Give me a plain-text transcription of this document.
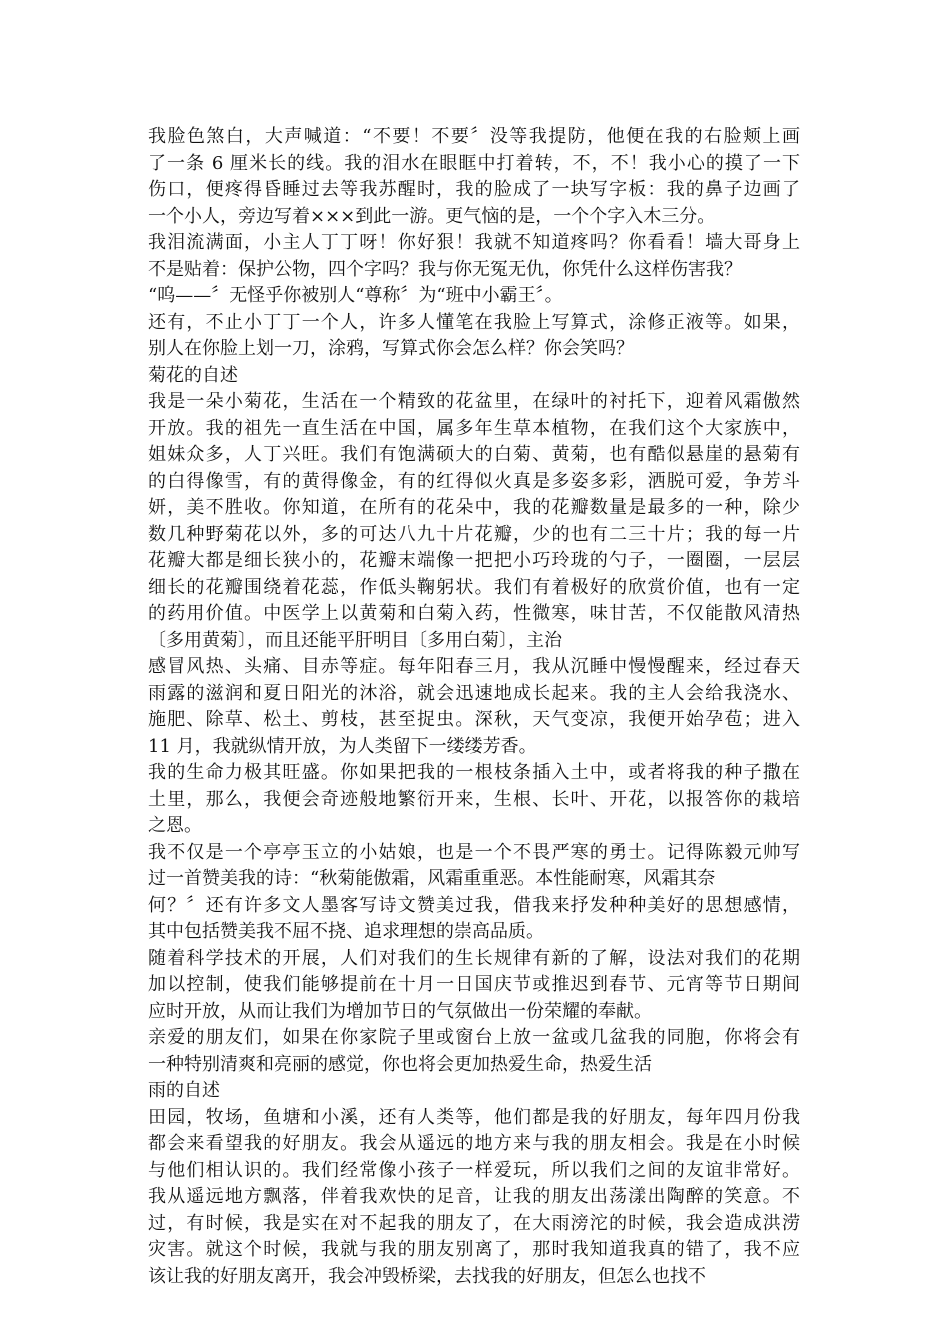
我脸色煞白，大声喊道：“不要！不要〞没等我提防，他便在我的右脸颊上画
了一条 6 厘米长的线。我的泪水在眼眶中打着转，不，不！我小心的摸了一下
伤口，便疼得昏睡过去等我苏醒时，我的脸成了一块写字板：我的鼻子边画了
一个小人，旁边写着×××到此一游。更气恼的是，一个个字入木三分。
我泪流满面，小主人丁丁呀！你好狠！我就不知道疼吗？你看看！墙大哥身上
不是贴着：保护公物，四个字吗？我与你无冤无仇，你凭什么这样伤害我？
“呜——〞无怪乎你被别人“尊称〞为“班中小霸王〞。
还有，不止小丁丁一个人，许多人懂笔在我脸上写算式，涂修正液等。如果，
别人在你脸上划一刀，涂鸦，写算式你会怎么样？你会笑吗？
菊花的自述
我是一朵小菊花，生活在一个精致的花盆里，在绿叶的衬托下，迎着风霜傲然
开放。我的祖先一直生活在中国，属多年生草本植物，在我们这个大家族中，
姐妹众多，人丁兴旺。我们有饱满硕大的白菊、黄菊，也有酷似悬崖的悬菊有
的白得像雪，有的黄得像金，有的红得似火真是多姿多彩，洒脱可爱，争芳斗
妍，美不胜收。你知道，在所有的花朵中，我的花瓣数量是最多的一种，除少
数几种野菊花以外，多的可达八九十片花瓣，少的也有二三十片；我的每一片
花瓣大都是细长狭小的，花瓣末端像一把把小巧玲珑的勺子，一圈圈，一层层
细长的花瓣围绕着花蕊，作低头鞠躬状。我们有着极好的欣赏价值，也有一定
的药用价值。中医学上以黄菊和白菊入药，性微寒，味甘苦，不仅能散风清热
〔多用黄菊〕，而且还能平肝明目〔多用白菊〕，主治
感冒风热、头痛、目赤等症。每年阳春三月，我从沉睡中慢慢醒来，经过春天
雨露的滋润和夏日阳光的沐浴，就会迅速地成长起来。我的主人会给我浇水、
施肥、除草、松土、剪枝，甚至捉虫。深秋，天气变凉，我便开始孕苞；进入
11 月，我就纵情开放，为人类留下一缕缕芳香。
我的生命力极其旺盛。你如果把我的一根枝条插入土中，或者将我的种子撒在
土里，那么，我便会奇迹般地繁衍开来，生根、长叶、开花，以报答你的栽培
之恩。
我不仅是一个亭亭玉立的小姑娘，也是一个不畏严寒的勇士。记得陈毅元帅写
过一首赞美我的诗：“秋菊能傲霜，风霜重重恶。本性能耐寒，风霜其奈
何？〞还有许多文人墨客写诗文赞美过我，借我来抒发种种美好的思想感情，
其中包括赞美我不屈不挠、追求理想的崇高品质。
随着科学技术的开展，人们对我们的生长规律有新的了解，设法对我们的花期
加以控制，使我们能够提前在十月一日国庆节或推迟到春节、元宵等节日期间
应时开放，从而让我们为增加节日的气氛做出一份荣耀的奉献。
亲爱的朋友们，如果在你家院子里或窗台上放一盆或几盆我的同胞，你将会有
一种特别清爽和亮丽的感觉，你也将会更加热爱生命，热爱生活
雨的自述
田园，牧场，鱼塘和小溪，还有人类等，他们都是我的好朋友，每年四月份我
都会来看望我的好朋友。我会从遥远的地方来与我的朋友相会。我是在小时候
与他们相认识的。我们经常像小孩子一样爱玩，所以我们之间的友谊非常好。
我从遥远地方飘落，伴着我欢快的足音，让我的朋友出荡漾出陶醉的笑意。不
过，有时候，我是实在对不起我的朋友了，在大雨滂沱的时候，我会造成洪涝
灾害。就这个时候，我就与我的朋友别离了，那时我知道我真的错了，我不应
该让我的好朋友离开，我会冲毁桥梁，去找我的好朋友，但怎么也找不
